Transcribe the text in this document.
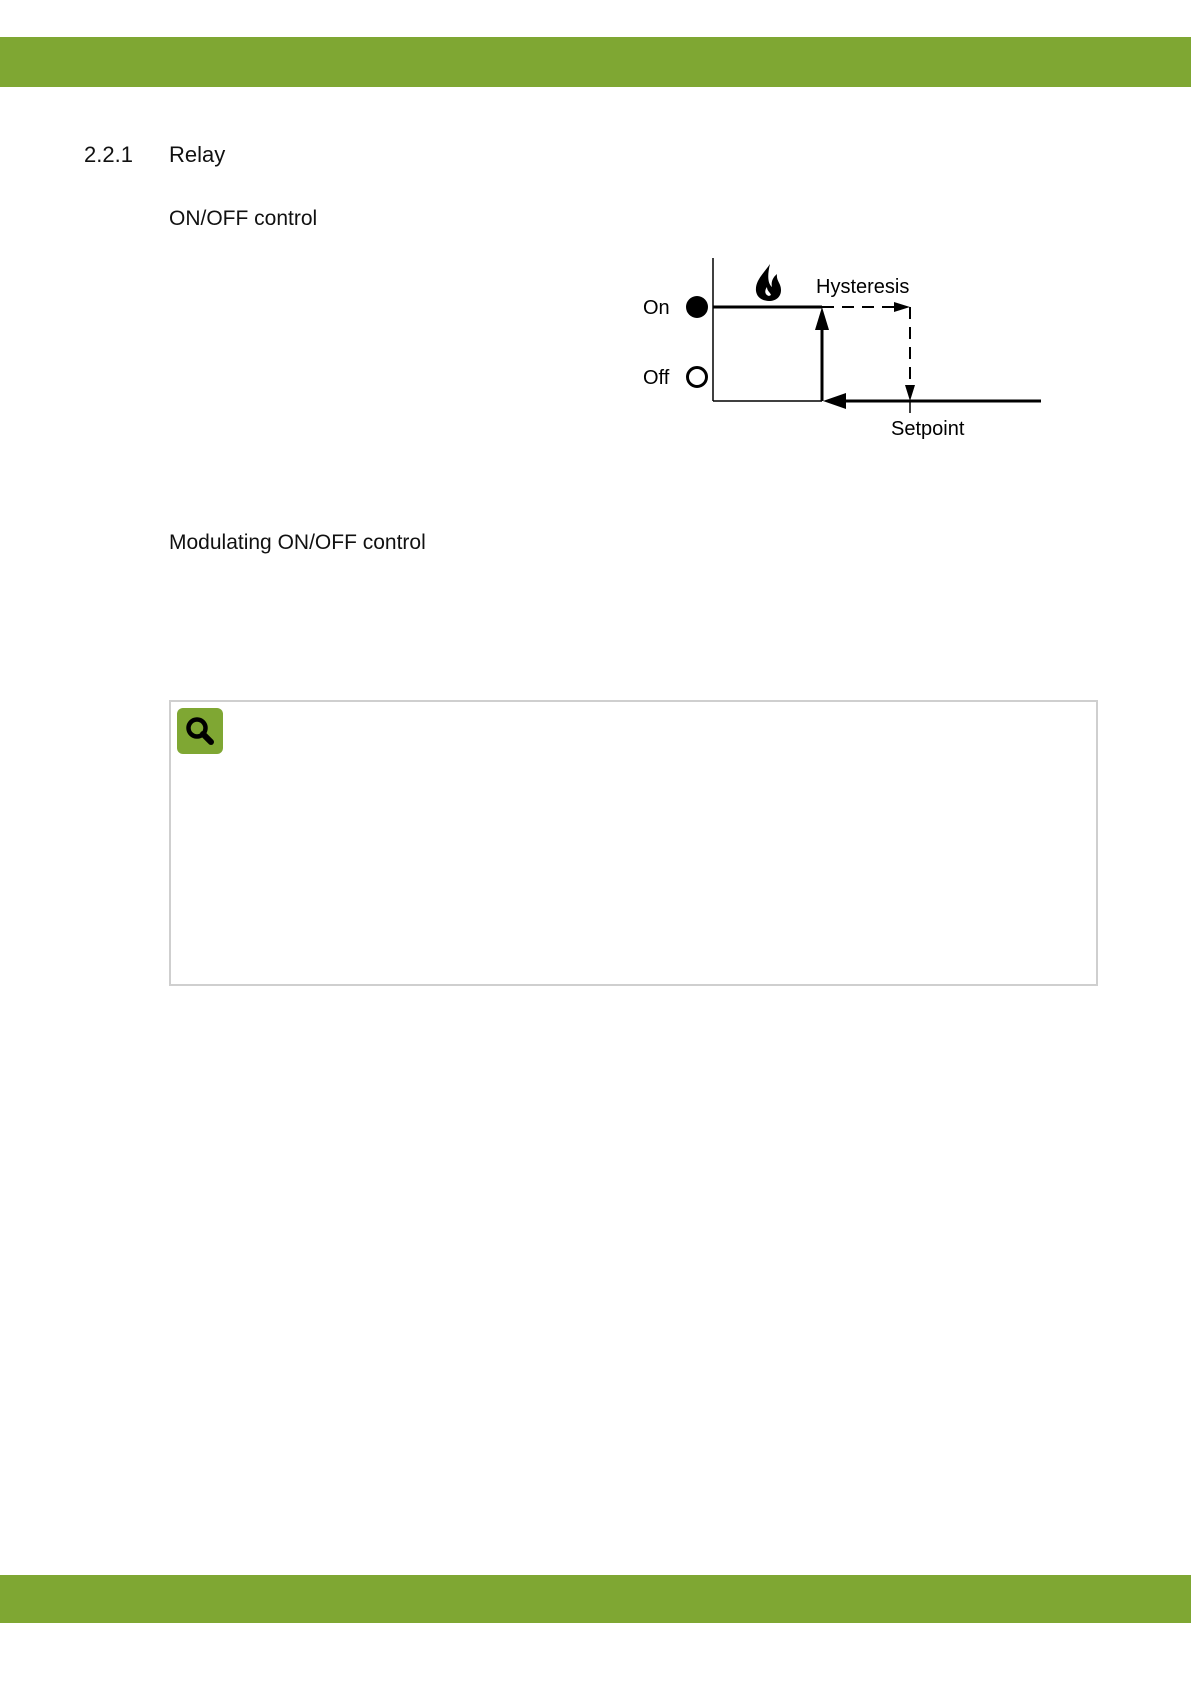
2.2.1 Relay
ON/OFF control
On
Off
Hysteresis
Setpoint
Modulating ON/OFF control
